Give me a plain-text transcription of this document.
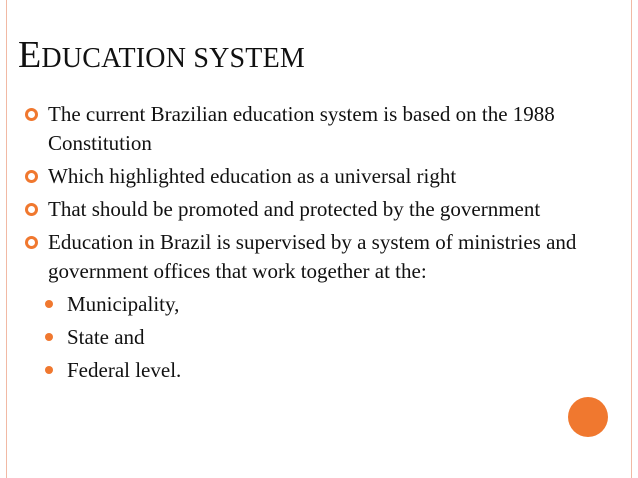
EDUCATION SYSTEM
The current Brazilian education system is based on the 1988 Constitution
Which highlighted education as a universal right
That should be promoted and protected by the government
Education in Brazil is supervised by a system of ministries and government offices that work together at the:
Municipality,
State and
Federal level.
